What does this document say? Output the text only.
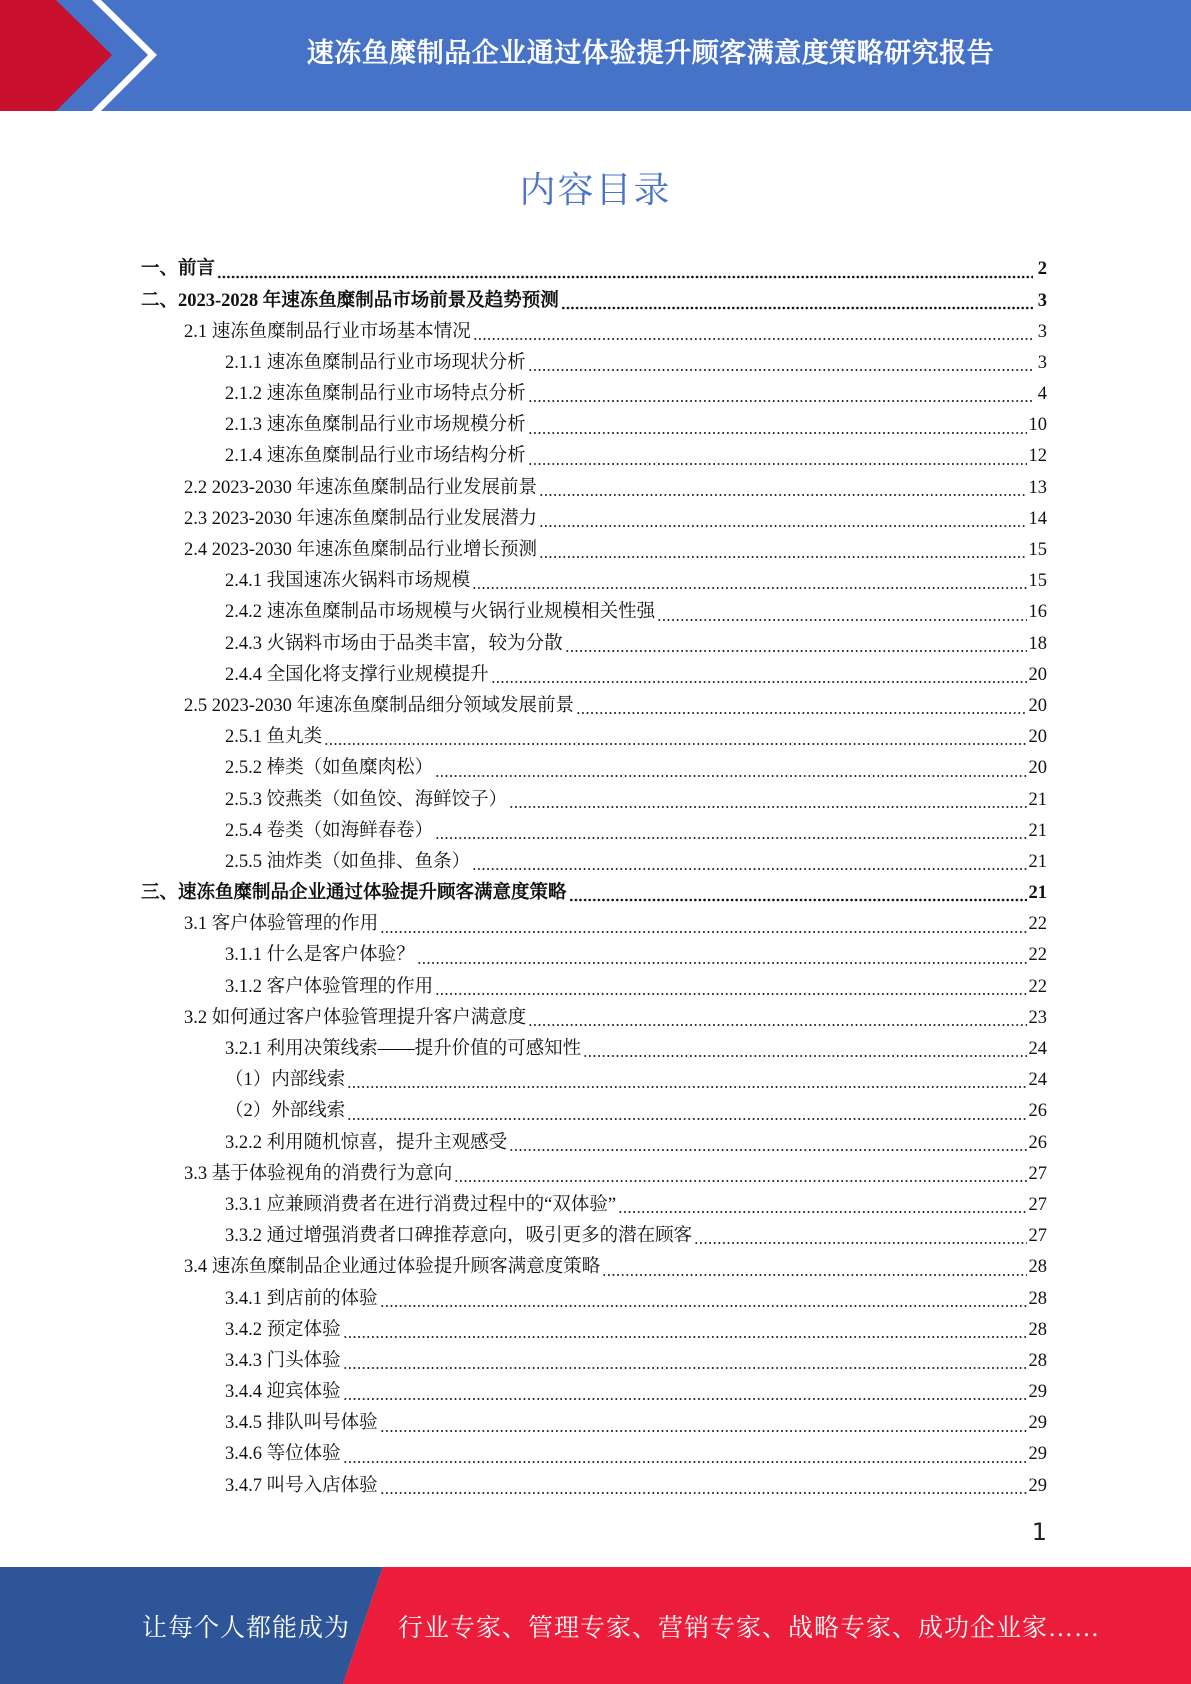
速冻鱼糜制品企业通过体验提升顾客满意度策略研究报告
内容目录
一、前言	2
二、2023-2028 年速冻鱼糜制品市场前景及趋势预测	3
2.1 速冻鱼糜制品行业市场基本情况	3
2.1.1 速冻鱼糜制品行业市场现状分析	3
2.1.2 速冻鱼糜制品行业市场特点分析	4
2.1.3 速冻鱼糜制品行业市场规模分析	10
2.1.4 速冻鱼糜制品行业市场结构分析	12
2.2 2023-2030 年速冻鱼糜制品行业发展前景	13
2.3 2023-2030 年速冻鱼糜制品行业发展潜力	14
2.4 2023-2030 年速冻鱼糜制品行业增长预测	15
2.4.1 我国速冻火锅料市场规模	15
2.4.2 速冻鱼糜制品市场规模与火锅行业规模相关性强	16
2.4.3 火锅料市场由于品类丰富，较为分散	18
2.4.4 全国化将支撑行业规模提升	20
2.5 2023-2030 年速冻鱼糜制品细分领域发展前景	20
2.5.1 鱼丸类	20
2.5.2 棒类（如鱼糜肉松）	20
2.5.3 饺燕类（如鱼饺、海鲜饺子）	21
2.5.4 卷类（如海鲜春卷）	21
2.5.5 油炸类（如鱼排、鱼条）	21
三、速冻鱼糜制品企业通过体验提升顾客满意度策略	21
3.1 客户体验管理的作用	22
3.1.1 什么是客户体验？	22
3.1.2 客户体验管理的作用	22
3.2 如何通过客户体验管理提升客户满意度	23
3.2.1 利用决策线索——提升价值的可感知性	24
（1）内部线索	24
（2）外部线索	26
3.2.2 利用随机惊喜，提升主观感受	26
3.3 基于体验视角的消费行为意向	27
3.3.1 应兼顾消费者在进行消费过程中的“双体验”	27
3.3.2 通过增强消费者口碑推荐意向，吸引更多的潜在顾客	27
3.4 速冻鱼糜制品企业通过体验提升顾客满意度策略	28
3.4.1 到店前的体验	28
3.4.2 预定体验	28
3.4.3 门头体验	28
3.4.4 迎宾体验	29
3.4.5 排队叫号体验	29
3.4.6 等位体验	29
3.4.7 叫号入店体验	29
1
让每个人都能成为 行业专家、管理专家、营销专家、战略专家、成功企业家……
